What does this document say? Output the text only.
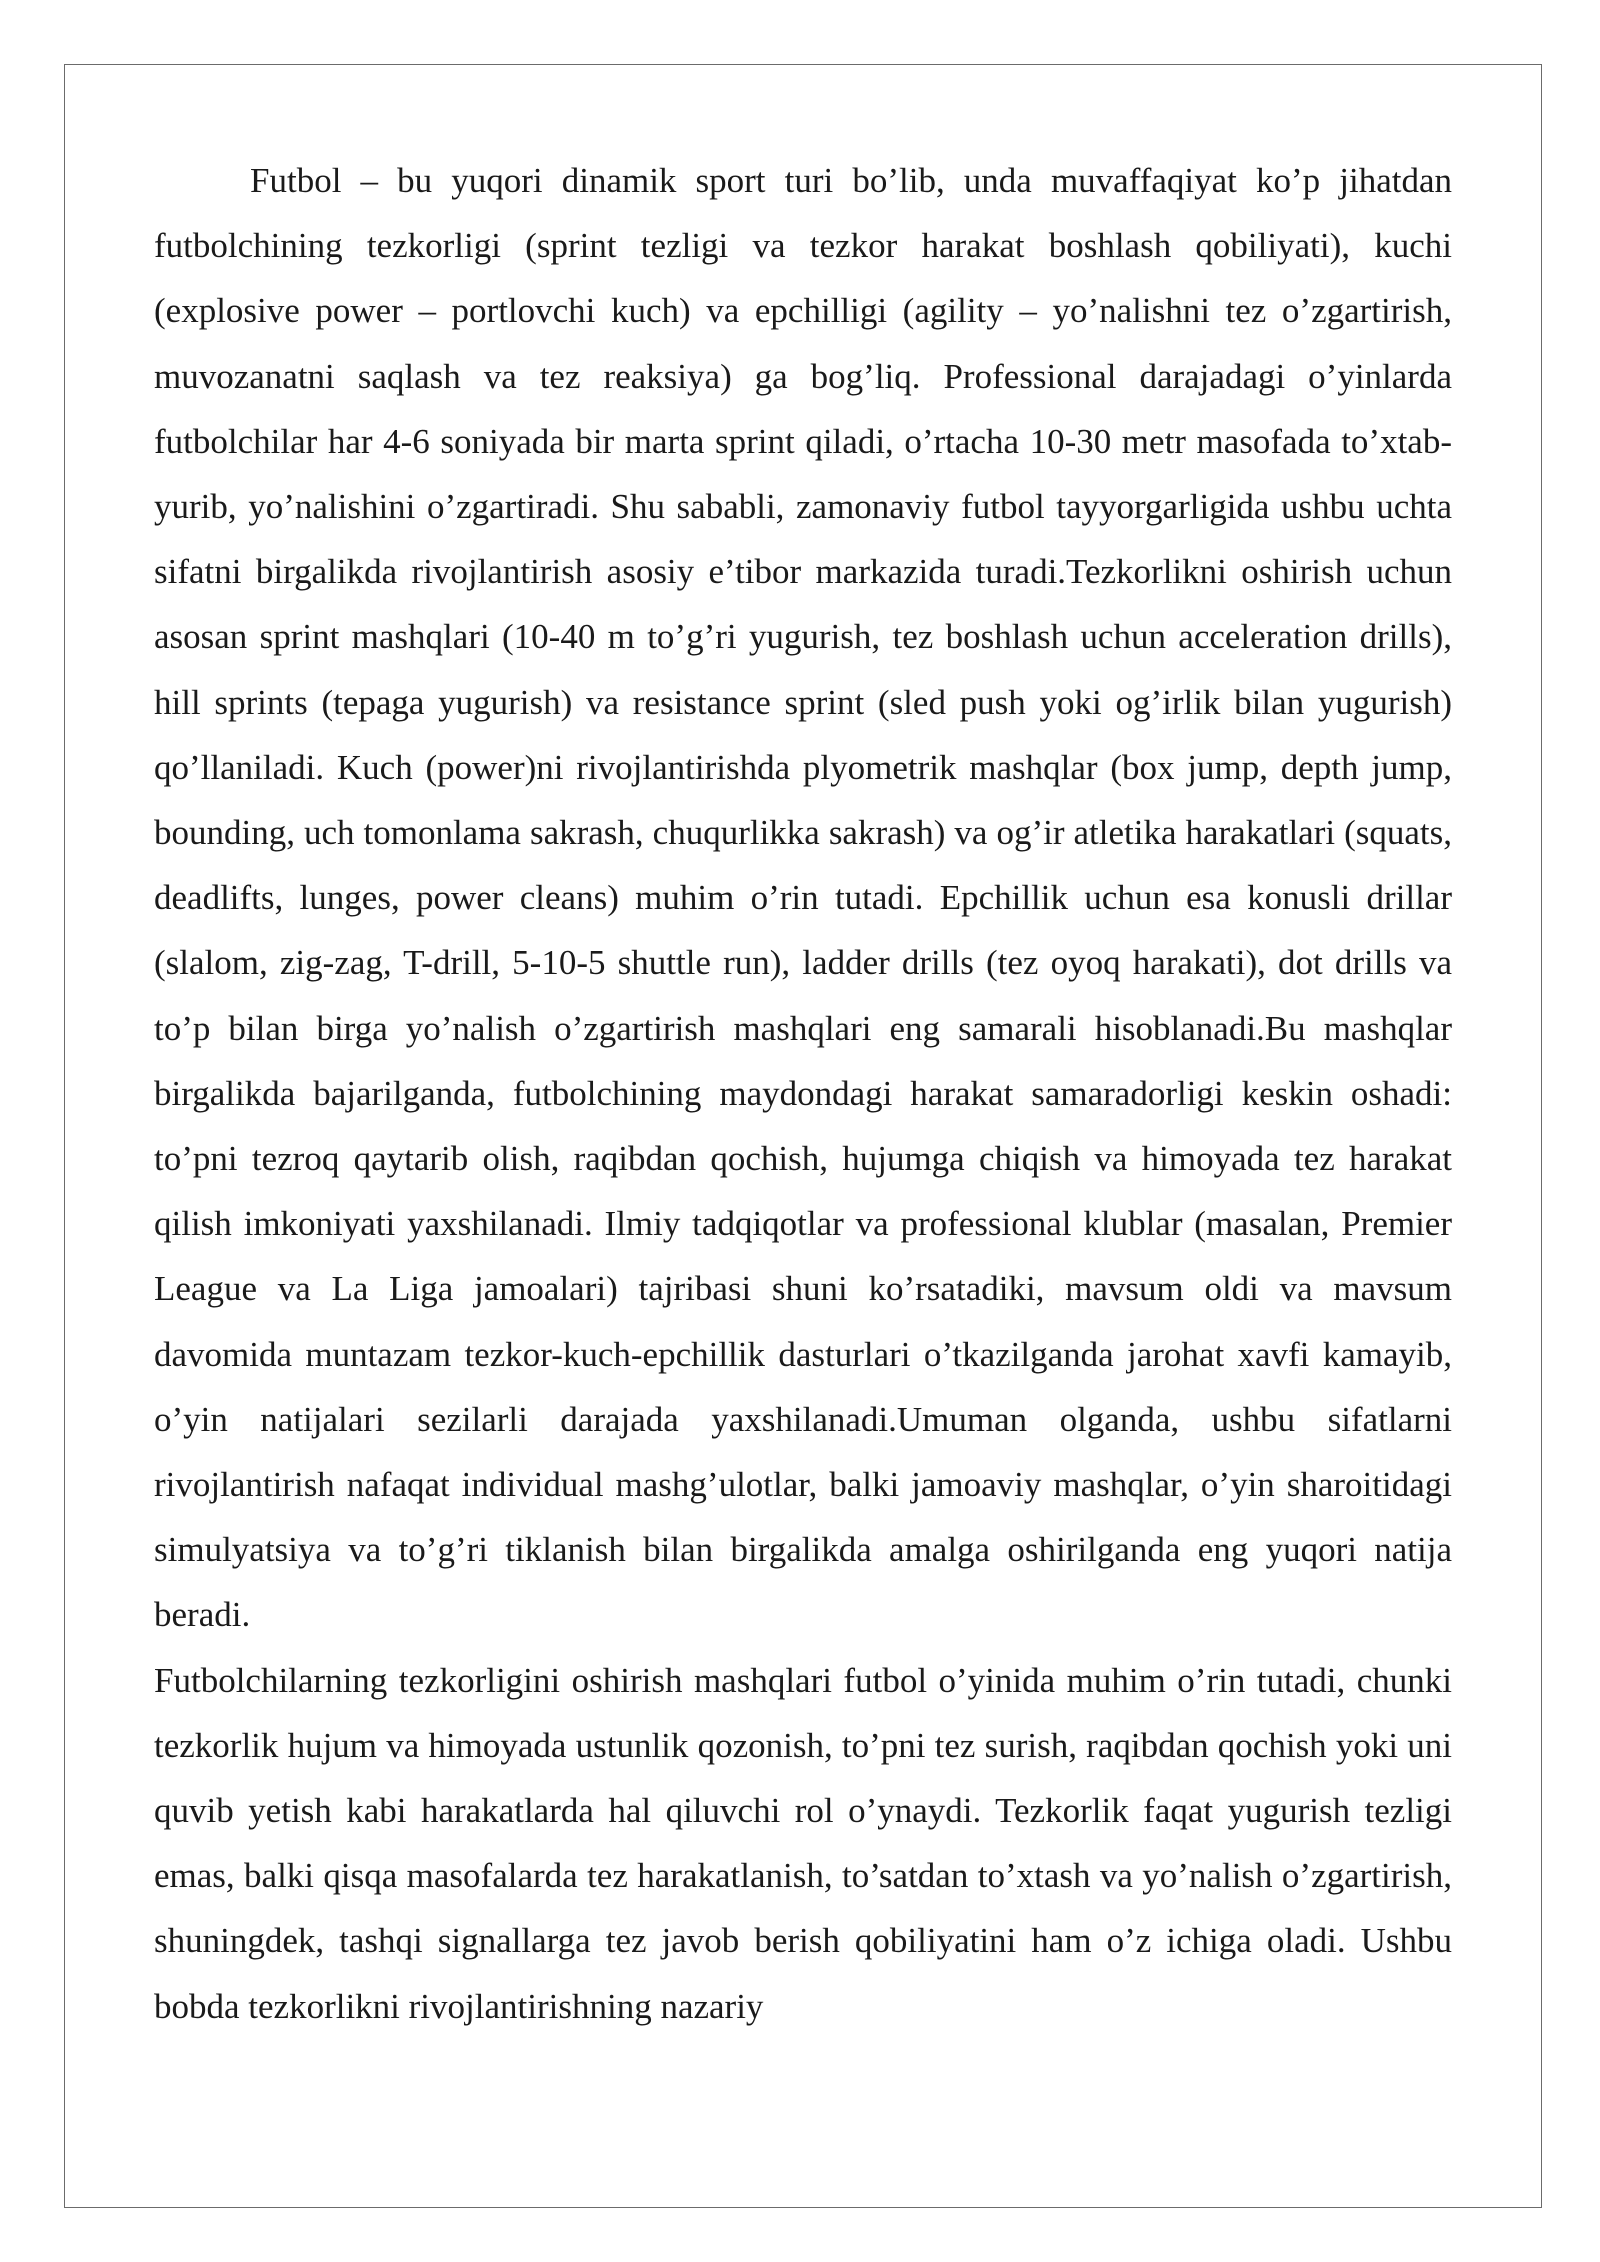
Futbol – bu yuqori dinamik sport turi bo’lib, unda muvaffaqiyat ko’p jihatdan futbolchining tezkorligi (sprint tezligi va tezkor harakat boshlash qobiliyati), kuchi (explosive power – portlovchi kuch) va epchilligi (agility – yo’nalishni tez o’zgartirish, muvozanatni saqlash va tez reaksiya) ga bog’liq. Professional darajadagi o’yinlarda futbolchilar har 4-6 soniyada bir marta sprint qiladi, o’rtacha 10-30 metr masofada to’xtab-yurib, yo’nalishini o’zgartiradi. Shu sababli, zamonaviy futbol tayyorgarligida ushbu uchta sifatni birgalikda rivojlantirish asosiy e’tibor markazida turadi.Tezkorlikni oshirish uchun asosan sprint mashqlari (10-40 m to’g’ri yugurish, tez boshlash uchun acceleration drills), hill sprints (tepaga yugurish) va resistance sprint (sled push yoki og’irlik bilan yugurish) qo’llaniladi. Kuch (power)ni rivojlantirishda plyometrik mashqlar (box jump, depth jump, bounding, uch tomonlama sakrash, chuqurlikka sakrash) va og’ir atletika harakatlari (squats, deadlifts, lunges, power cleans) muhim o’rin tutadi. Epchillik uchun esa konusli drillar (slalom, zig-zag, T-drill, 5-10-5 shuttle run), ladder drills (tez oyoq harakati), dot drills va to’p bilan birga yo’nalish o’zgartirish mashqlari eng samarali hisoblanadi.Bu mashqlar birgalikda bajarilganda, futbolchining maydondagi harakat samaradorligi keskin oshadi: to’pni tezroq qaytarib olish, raqibdan qochish, hujumga chiqish va himoyada tez harakat qilish imkoniyati yaxshilanadi. Ilmiy tadqiqotlar va professional klublar (masalan, Premier League va La Liga jamoalari) tajribasi shuni ko’rsatadiki, mavsum oldi va mavsum davomida muntazam tezkor-kuch-epchillik dasturlari o’tkazilganda jarohat xavfi kamayib, o’yin natijalari sezilarli darajada yaxshilanadi.Umuman olganda, ushbu sifatlarni rivojlantirish nafaqat individual mashg’ulotlar, balki jamoaviy mashqlar, o’yin sharoitidagi simulyatsiya va to’g’ri tiklanish bilan birgalikda amalga oshirilganda eng yuqori natija beradi.

Futbolchilarning tezkorligini oshirish mashqlari futbol o’yinida muhim o’rin tutadi, chunki tezkorlik hujum va himoyada ustunlik qozonish, to’pni tez surish, raqibdan qochish yoki uni quvib yetish kabi harakatlarda hal qiluvchi rol o’ynaydi. Tezkorlik faqat yugurish tezligi emas, balki qisqa masofalarda tez harakatlanish, to’satdan to’xtash va yo’nalish o’zgartirish, shuningdek, tashqi signallarga tez javob berish qobiliyatini ham o’z ichiga oladi. Ushbu bobda tezkorlikni rivojlantirishning nazariy
